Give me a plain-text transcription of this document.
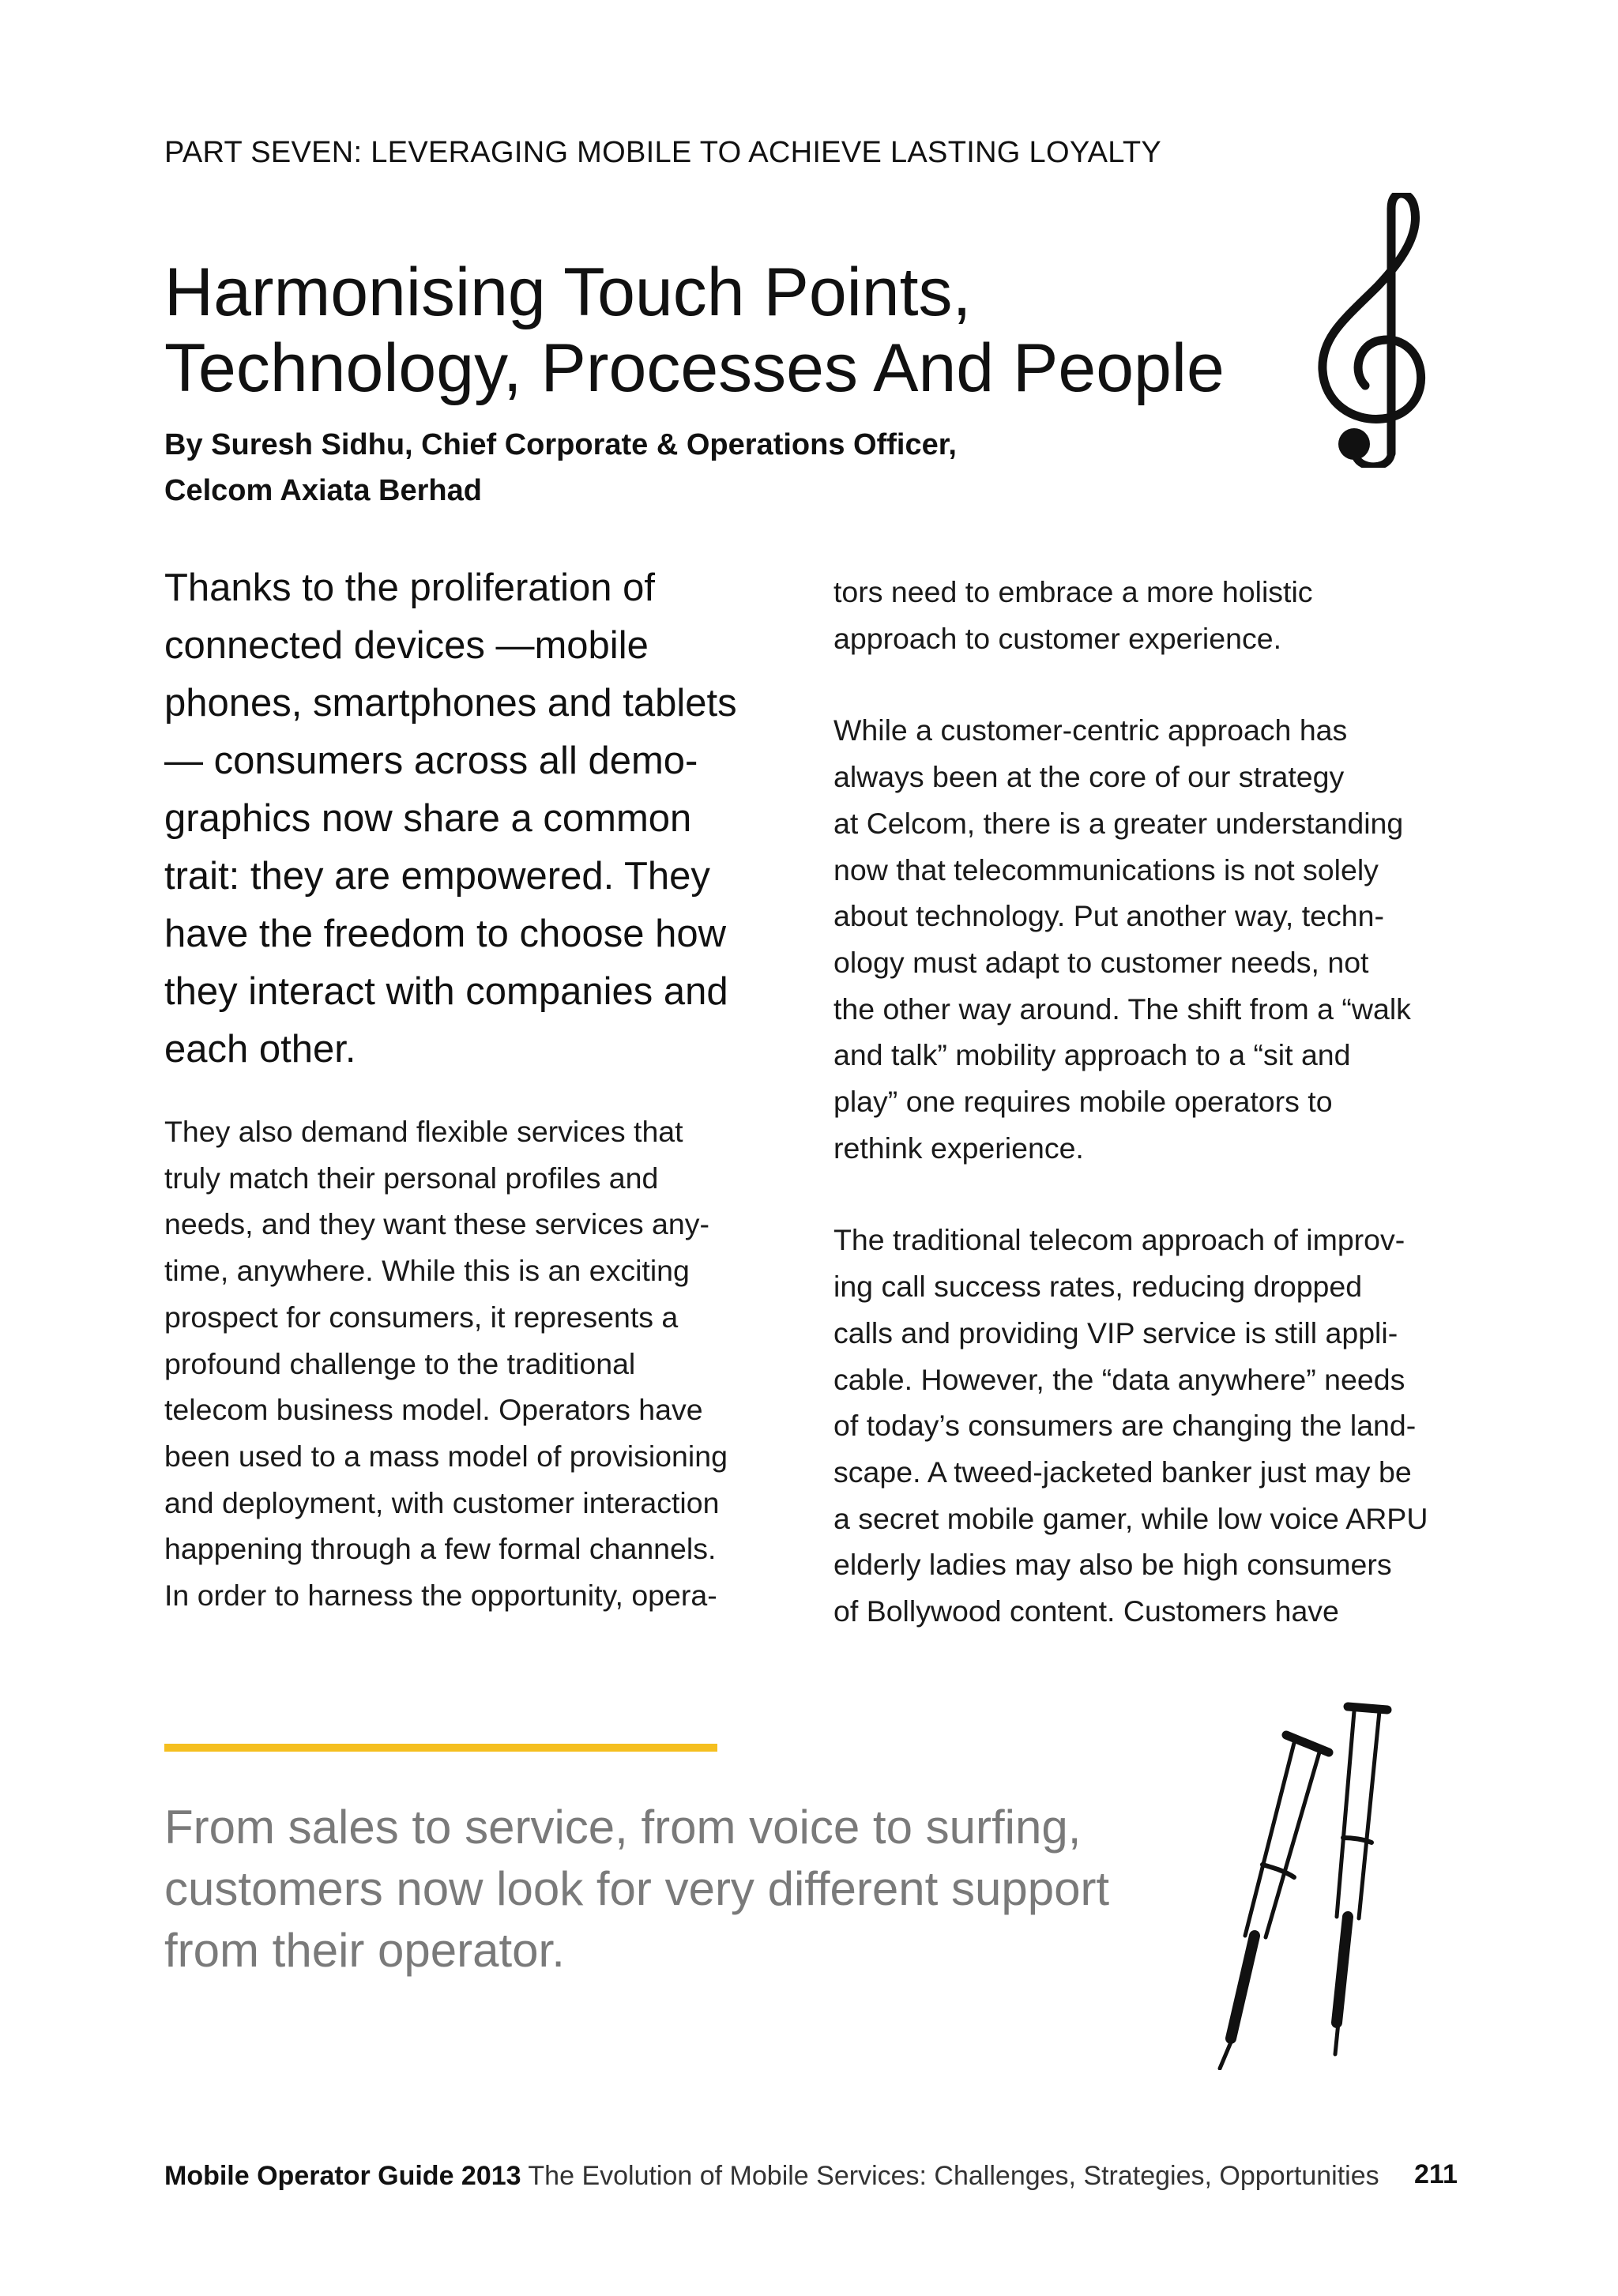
PART SEVEN: LEVERAGING MOBILE TO ACHIEVE LASTING LOYALTY
Harmonising Touch Points,
Technology, Processes And People
By Suresh Sidhu, Chief Corporate & Operations Officer,
Celcom Axiata Berhad
Thanks to the proliferation of
connected devices —mobile
phones, smartphones and tablets
— consumers across all demo-
graphics now share a common
trait: they are empowered. They
have the freedom to choose how
they interact with companies and
each other.
They also demand flexible services that
truly match their personal profiles and
needs, and they want these services any-
time, anywhere. While this is an exciting
prospect for consumers, it represents a
profound challenge to the traditional
telecom business model. Operators have
been used to a mass model of provisioning
and deployment, with customer interaction
happening through a few formal channels.
In order to harness the opportunity, opera-
tors need to embrace a more holistic
approach to customer experience.
While a customer-centric approach has
always been at the core of our strategy
at Celcom, there is a greater understanding
now that telecommunications is not solely
about technology. Put another way, techn-
ology must adapt to customer needs, not
the other way around. The shift from a “walk
and talk” mobility approach to a “sit and
play” one requires mobile operators to
rethink experience.
The traditional telecom approach of improv-
ing call success rates, reducing dropped
calls and providing VIP service is still appli-
cable. However, the “data anywhere” needs
of today’s consumers are changing the land-
scape. A tweed-jacketed banker just may be
a secret mobile gamer, while low voice ARPU
elderly ladies may also be high consumers
of Bollywood content. Customers have
From sales to service, from voice to surfing,
customers now look for very different support
from their operator.
Mobile Operator Guide 2013 The Evolution of Mobile Services: Challenges, Strategies, Opportunities 211
